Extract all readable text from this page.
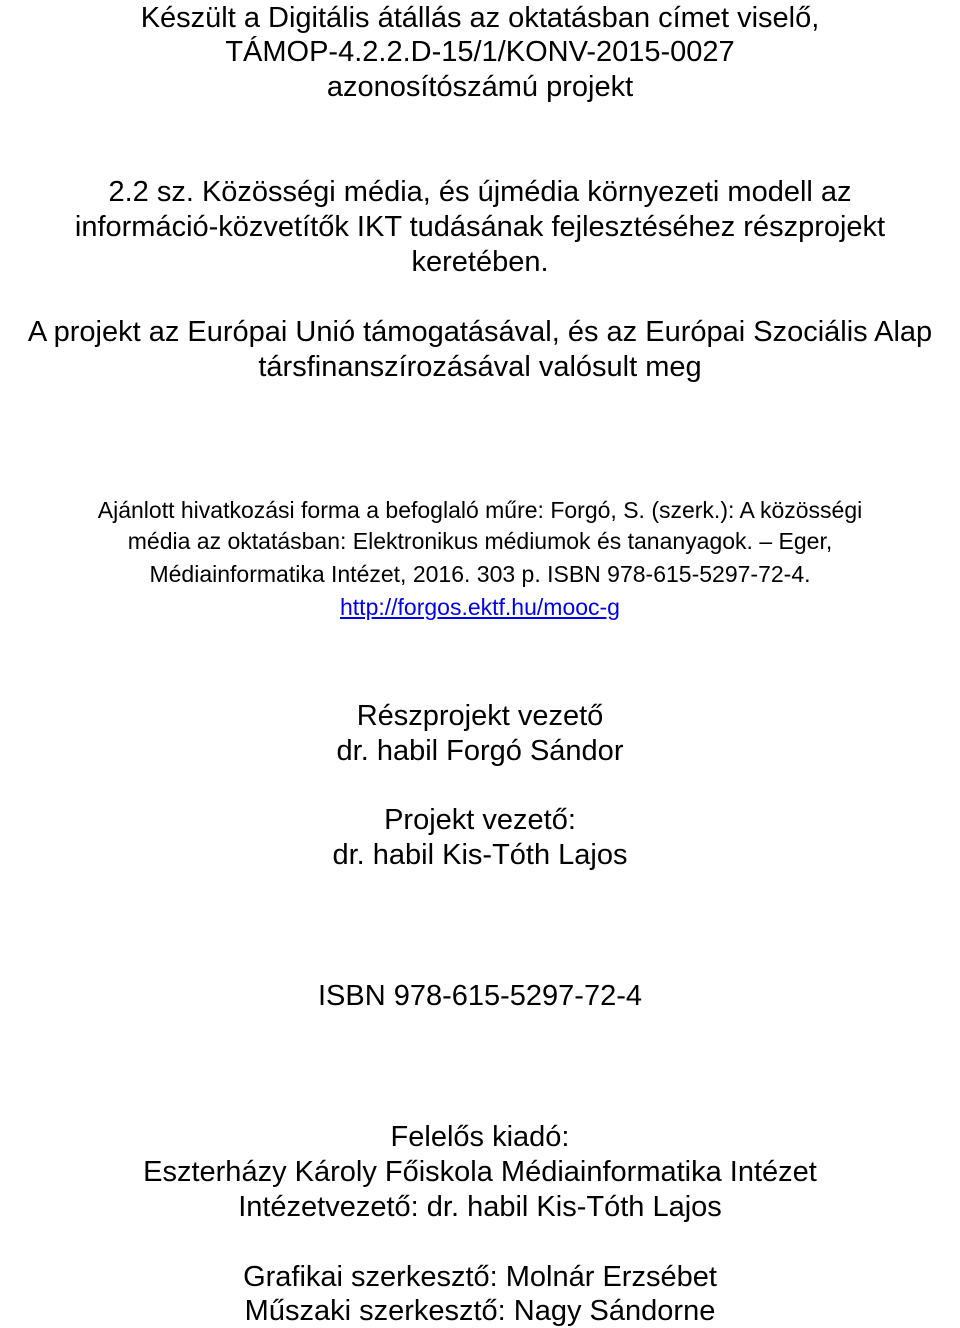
Készült a Digitális átállás az oktatásban címet viselő,
TÁMOP-4.2.2.D-15/1/KONV-2015-0027
azonosítószámú projekt
2.2 sz. Közösségi média, és újmédia környezeti modell az
információ-közvetítők IKT tudásának fejlesztéséhez részprojekt
keretében.
A projekt az Európai Unió támogatásával, és az Európai Szociális Alap
társfinanszírozásával valósult meg
Ajánlott hivatkozási forma a befoglaló műre: Forgó, S. (szerk.): A közösségi
média az oktatásban: Elektronikus médiumok és tananyagok. – Eger,
Médiainformatika Intézet, 2016. 303 p. ISBN 978-615-5297-72-4.
http://forgos.ektf.hu/mooc-g
Részprojekt vezető
dr. habil Forgó Sándor
Projekt vezető:
dr. habil Kis-Tóth Lajos
ISBN 978-615-5297-72-4
Felelős kiadó:
Eszterházy Károly Főiskola Médiainformatika Intézet
Intézetvezető: dr. habil Kis-Tóth Lajos
Grafikai szerkesztő: Molnár Erzsébet
Műszaki szerkesztő: Nagy Sándorne
